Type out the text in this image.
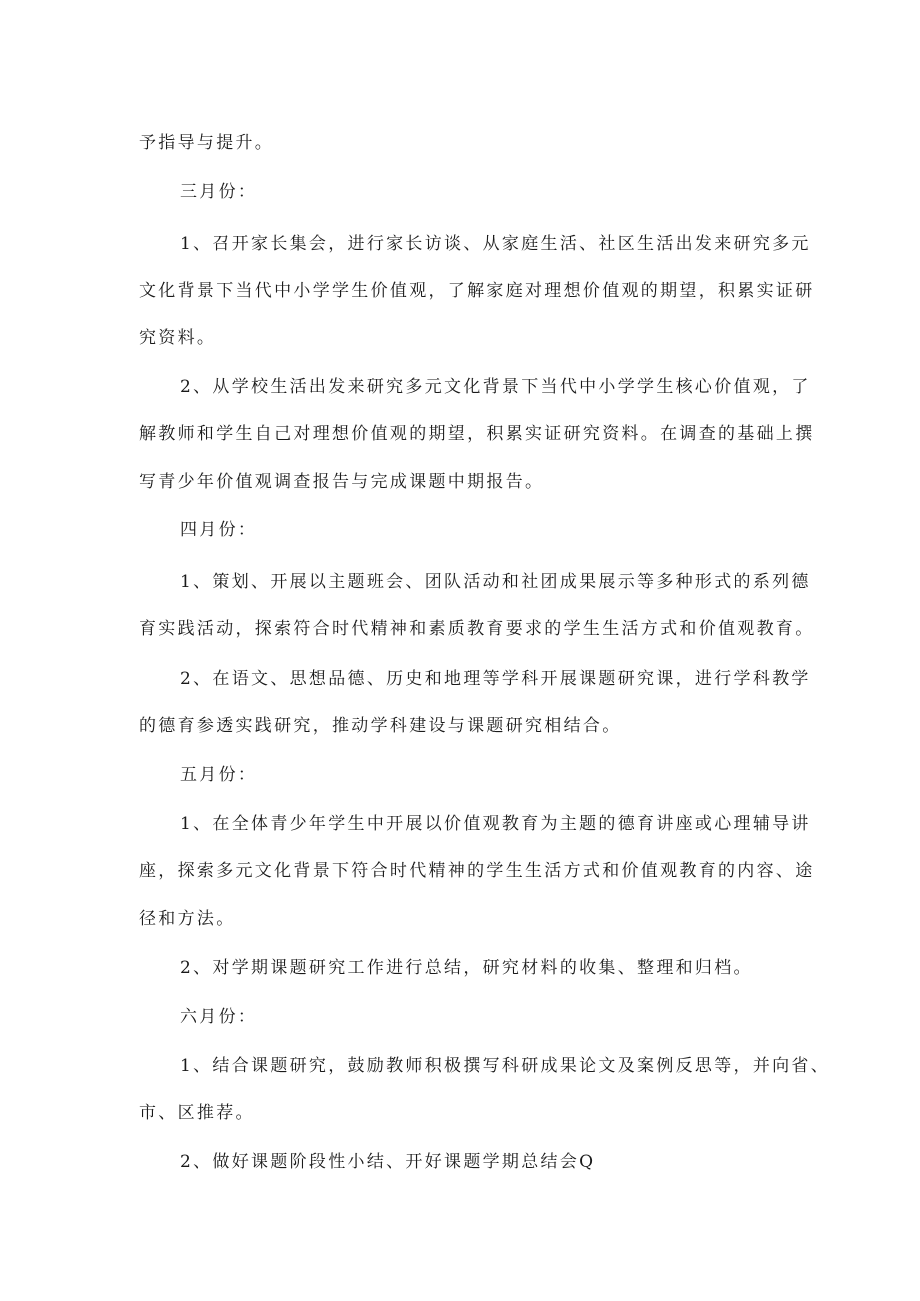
予指导与提升。
三月份：
1、召开家长集会，进行家长访谈、从家庭生活、社区生活出发来研究多元
文化背景下当代中小学学生价值观，了解家庭对理想价值观的期望，积累实证研
究资料。
2、从学校生活出发来研究多元文化背景下当代中小学学生核心价值观，了
解教师和学生自己对理想价值观的期望，积累实证研究资料。在调查的基础上撰
写青少年价值观调查报告与完成课题中期报告。
四月份：
1、策划、开展以主题班会、团队活动和社团成果展示等多种形式的系列德
育实践活动，探索符合时代精神和素质教育要求的学生生活方式和价值观教育。
2、在语文、思想品德、历史和地理等学科开展课题研究课，进行学科教学
的德育参透实践研究，推动学科建设与课题研究相结合。
五月份：
1、在全体青少年学生中开展以价值观教育为主题的德育讲座或心理辅导讲
座，探索多元文化背景下符合时代精神的学生生活方式和价值观教育的内容、途
径和方法。
2、对学期课题研究工作进行总结，研究材料的收集、整理和归档。
六月份：
1、结合课题研究，鼓励教师积极撰写科研成果论文及案例反思等，并向省、
市、区推荐。
2、做好课题阶段性小结、开好课题学期总结会Q
